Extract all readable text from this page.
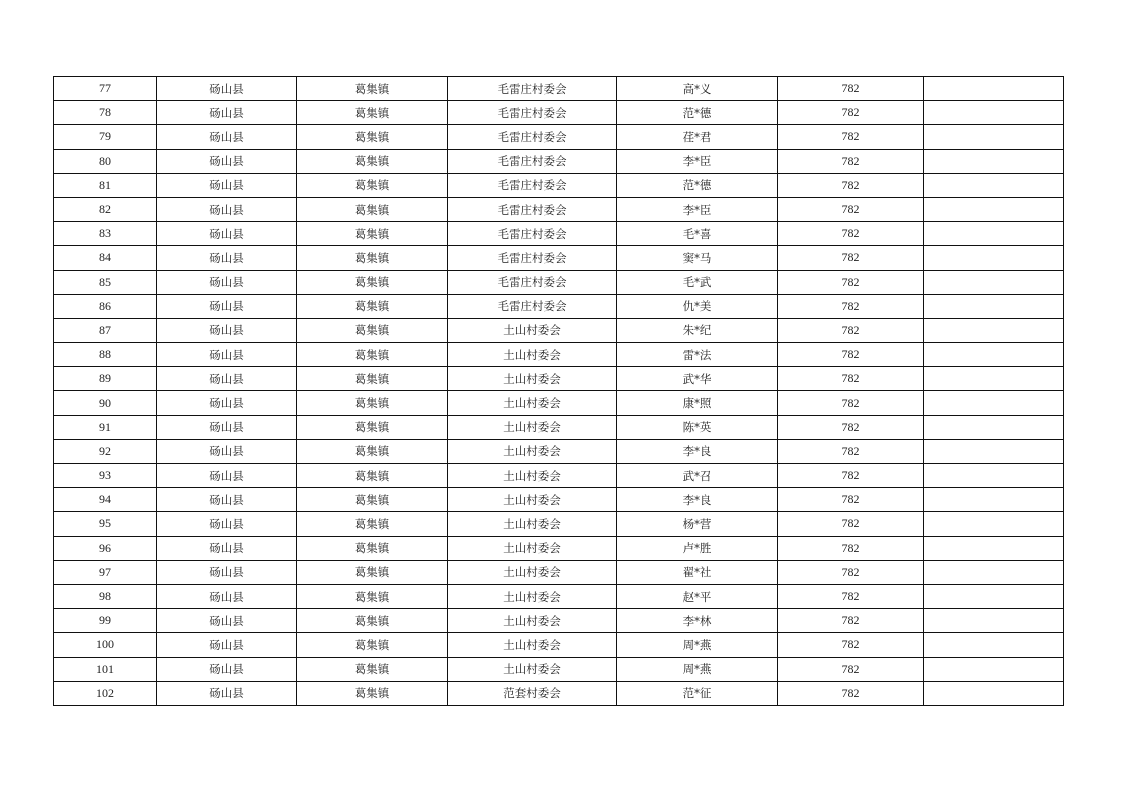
77	砀山县	葛集镇	毛雷庄村委会	高*义	782	
78	砀山县	葛集镇	毛雷庄村委会	范*德	782	
79	砀山县	葛集镇	毛雷庄村委会	荏*君	782	
80	砀山县	葛集镇	毛雷庄村委会	李*臣	782	
81	砀山县	葛集镇	毛雷庄村委会	范*德	782	
82	砀山县	葛集镇	毛雷庄村委会	李*臣	782	
83	砀山县	葛集镇	毛雷庄村委会	毛*喜	782	
84	砀山县	葛集镇	毛雷庄村委会	窦*马	782	
85	砀山县	葛集镇	毛雷庄村委会	毛*武	782	
86	砀山县	葛集镇	毛雷庄村委会	仇*美	782	
87	砀山县	葛集镇	土山村委会	朱*纪	782	
88	砀山县	葛集镇	土山村委会	雷*法	782	
89	砀山县	葛集镇	土山村委会	武*华	782	
90	砀山县	葛集镇	土山村委会	康*照	782	
91	砀山县	葛集镇	土山村委会	陈*英	782	
92	砀山县	葛集镇	土山村委会	李*良	782	
93	砀山县	葛集镇	土山村委会	武*召	782	
94	砀山县	葛集镇	土山村委会	李*良	782	
95	砀山县	葛集镇	土山村委会	杨*营	782	
96	砀山县	葛集镇	土山村委会	卢*胜	782	
97	砀山县	葛集镇	土山村委会	翟*社	782	
98	砀山县	葛集镇	土山村委会	赵*平	782	
99	砀山县	葛集镇	土山村委会	李*林	782	
100	砀山县	葛集镇	土山村委会	周*燕	782	
101	砀山县	葛集镇	土山村委会	周*燕	782	
102	砀山县	葛集镇	范套村委会	范*征	782	
